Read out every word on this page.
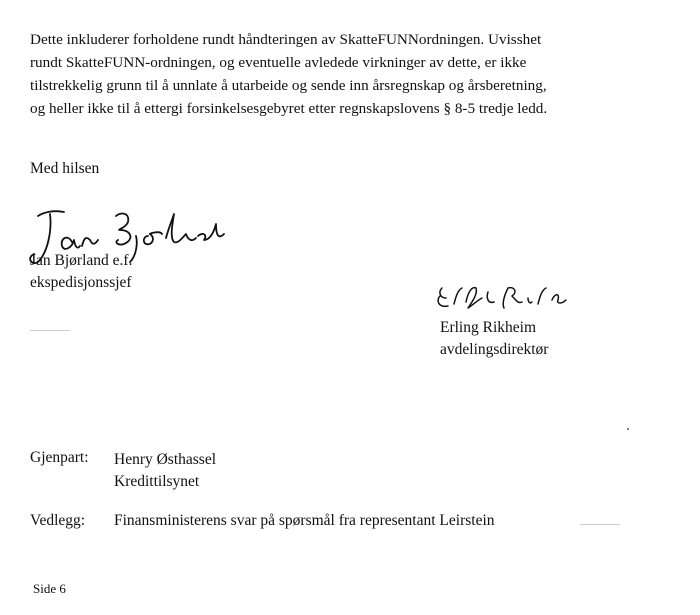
Dette inkluderer forholdene rundt håndteringen av SkatteFUNNordningen. Uvisshet
rundt SkatteFUNN-ordningen, og eventuelle avledede virkninger av dette, er ikke
tilstrekkelig grunn til å unnlate å utarbeide og sende inn årsregnskap og årsberetning,
og heller ikke til å ettergi forsinkelsesgebyret etter regnskapslovens § 8-5 tredje ledd.
Med hilsen
Jan Bjørland e.f.
ekspedisjonssjef
Erling Rikheim
avdelingsdirektør
Gjenpart: Henry Østhassel
Kredittilsynet
Vedlegg: Finansministerens svar på spørsmål fra representant Leirstein
Side 6
